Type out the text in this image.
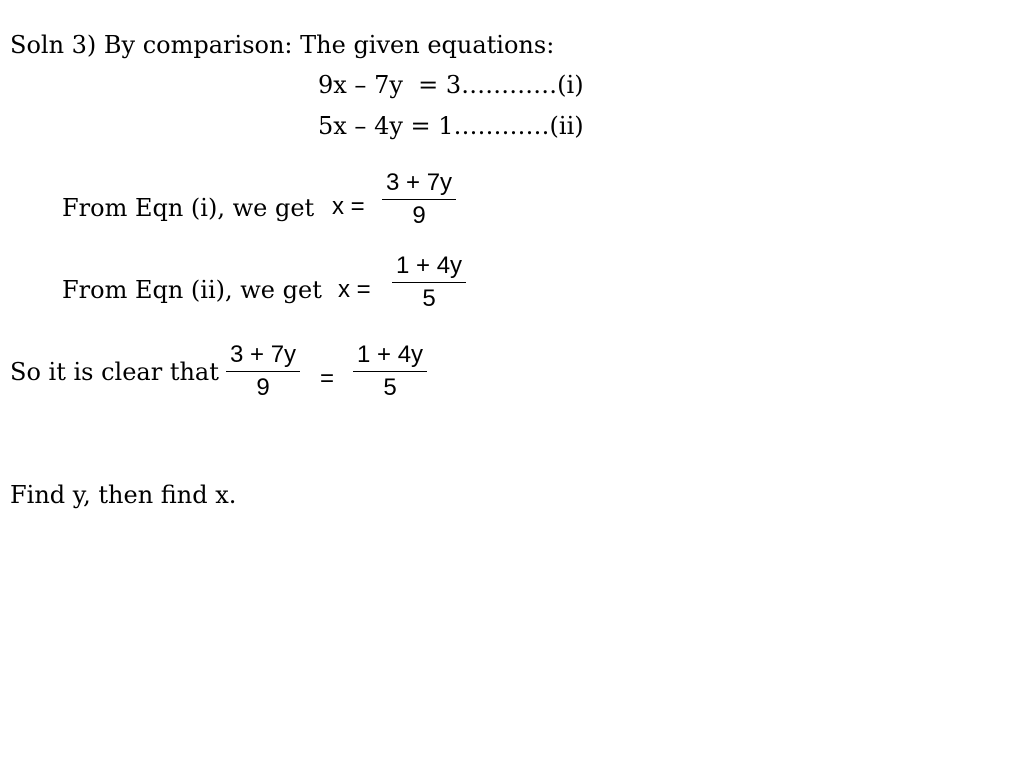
Soln 3) By comparison: The given equations:
9x – 7y  = 3…………(i)
5x – 4y = 1…………(ii)
From Eqn (i), we get $x = \frac{3 + 7y}{9}$
From Eqn (ii), we get $x = \frac{1 + 4y}{5}$
So it is clear that $\frac{3 + 7y}{9} = \frac{1 + 4y}{5}$
Find y, then find x.
